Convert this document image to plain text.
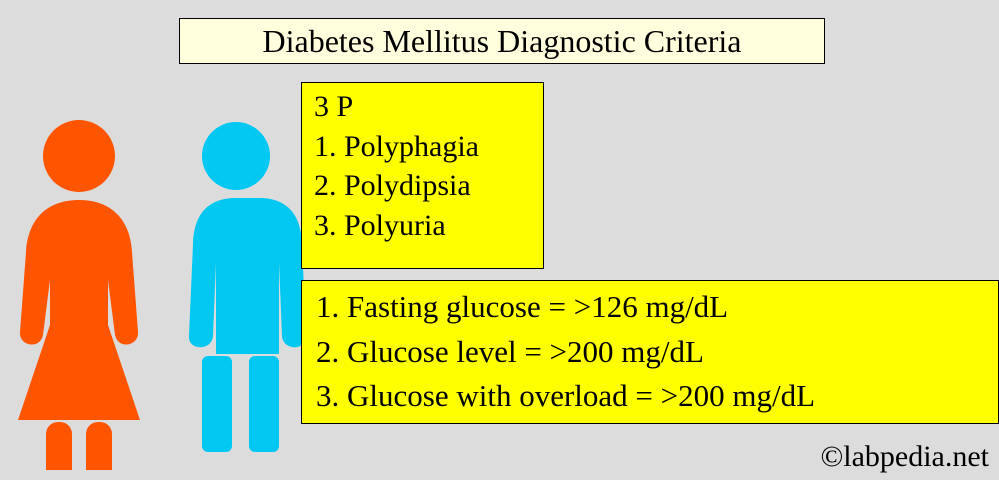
Diabetes Mellitus Diagnostic Criteria
3 P
1. Polyphagia
2. Polydipsia
3. Polyuria
1. Fasting glucose = >126 mg/dL
2. Glucose level = >200 mg/dL
3. Glucose with overload = >200 mg/dL
©labpedia.net
